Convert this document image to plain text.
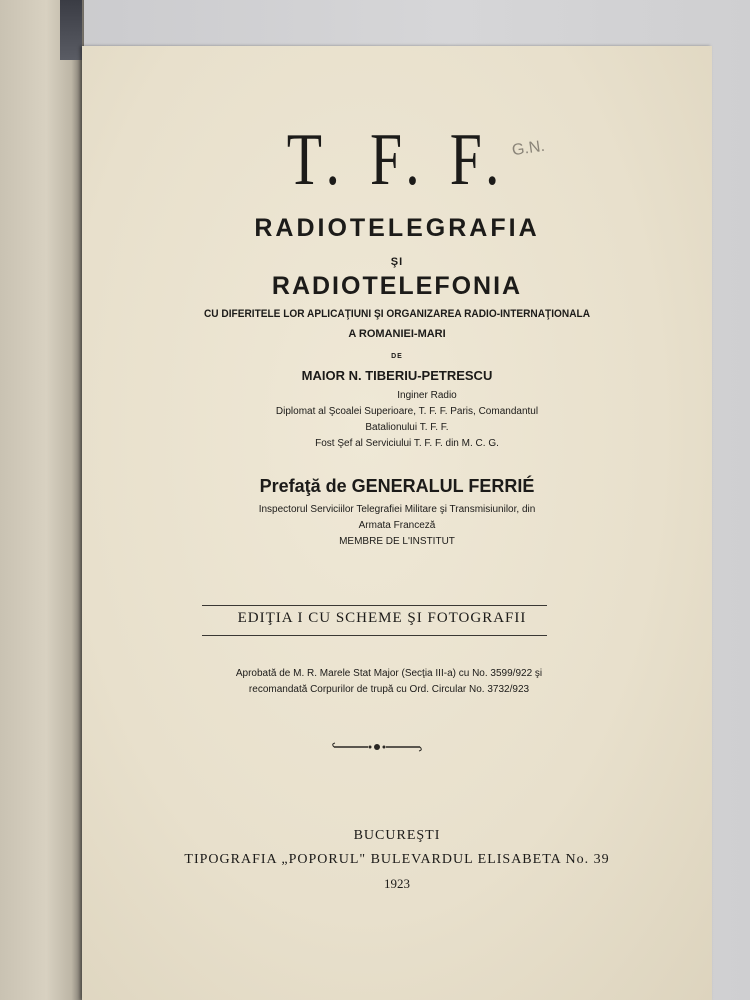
T. F. F. G.N.
RADIOTELEGRAFIA
ŞI
RADIOTELEFONIA
CU DIFERITELE LOR APLICAŢIUNI ŞI ORGANIZAREA RADIO-INTERNAŢIONALA
A ROMANIEI-MARI
DE
MAIOR N. TIBERIU-PETRESCU
Inginer Radio
Diplomat al Şcoalei Superioare, T. F. F. Paris, Comandantul
Batalionului T. F. F.
Fost Şef al Serviciului T. F. F. din M. C. G.
Prefaţă de GENERALUL FERRIÉ
Inspectorul Serviciilor Telegrafiei Militare şi Transmisiunilor, din
Armata Franceză
MEMBRE DE L'INSTITUT
EDIŢIA I CU SCHEME ŞI FOTOGRAFII
Aprobată de M. R. Marele Stat Major (Secţia III-a) cu No. 3599/922 şi
recomandată Corpurilor de trupă cu Ord. Circular No. 3732/923
BUCUREŞTI
TIPOGRAFIA „POPORUL" BULEVARDUL ELISABETA No. 39
1923
